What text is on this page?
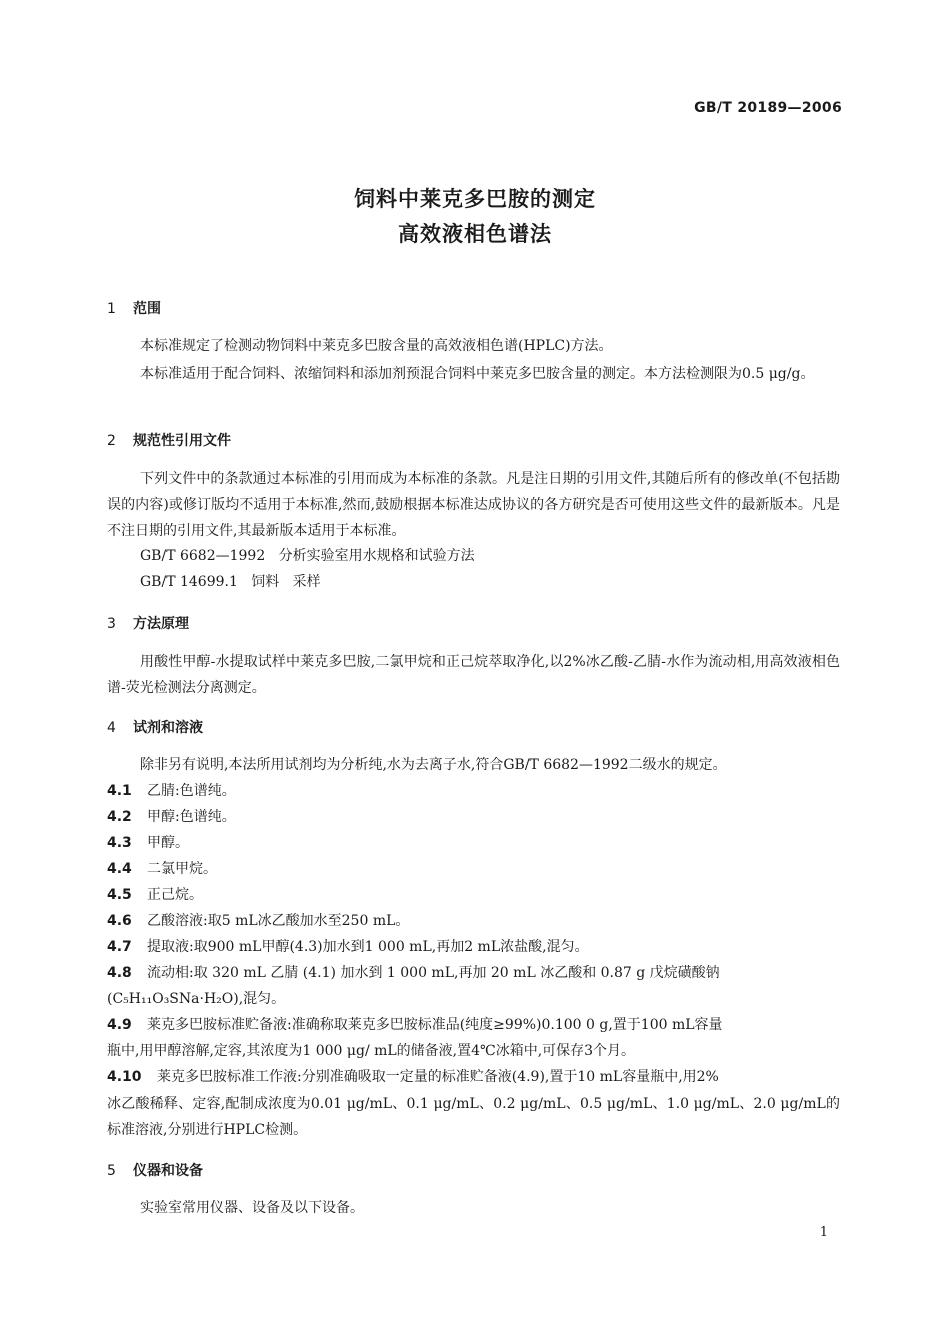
GB/T 20189—2006
饲料中莱克多巴胺的测定
高效液相色谱法
1 范围
本标准规定了检测动物饲料中莱克多巴胺含量的高效液相色谱(HPLC)方法。
本标准适用于配合饲料、浓缩饲料和添加剂预混合饲料中莱克多巴胺含量的测定。本方法检测限为0.5 μg/g。
2 规范性引用文件
下列文件中的条款通过本标准的引用而成为本标准的条款。凡是注日期的引用文件,其随后所有的修改单(不包括勘误的内容)或修订版均不适用于本标准,然而,鼓励根据本标准达成协议的各方研究是否可使用这些文件的最新版本。凡是不注日期的引用文件,其最新版本适用于本标准。
GB/T 6682—1992   分析实验室用水规格和试验方法
GB/T 14699.1   饲料   采样
3 方法原理
用酸性甲醇-水提取试样中莱克多巴胺,二氯甲烷和正己烷萃取净化,以2%冰乙酸-乙腈-水作为流动相,用高效液相色谱-荧光检测法分离测定。
4 试剂和溶液
除非另有说明,本法所用试剂均为分析纯,水为去离子水,符合GB/T 6682—1992二级水的规定。
4.1 乙腈:色谱纯。
4.2 甲醇:色谱纯。
4.3 甲醇。
4.4 二氯甲烷。
4.5 正己烷。
4.6 乙酸溶液:取5 mL冰乙酸加水至250 mL。
4.7 提取液:取900 mL甲醇(4.3)加水到1 000 mL,再加2 mL浓盐酸,混匀。
4.8 流动相:取 320 mL 乙腈 (4.1) 加水到 1 000 mL,再加 20 mL 冰乙酸和 0.87 g 戊烷磺酸钠
(C₅H₁₁O₃SNa·H₂O),混匀。
4.9 莱克多巴胺标准贮备液:准确称取莱克多巴胺标准品(纯度≥99%)0.100 0 g,置于100 mL容量
瓶中,用甲醇溶解,定容,其浓度为1 000 μg/ mL的储备液,置4℃冰箱中,可保存3个月。
4.10 莱克多巴胺标准工作液:分别准确吸取一定量的标准贮备液(4.9),置于10 mL容量瓶中,用2%
冰乙酸稀释、定容,配制成浓度为0.01 μg/mL、0.1 μg/mL、0.2 μg/mL、0.5 μg/mL、1.0 μg/mL、2.0 μg/mL的标准溶液,分别进行HPLC检测。
5 仪器和设备
实验室常用仪器、设备及以下设备。
1
